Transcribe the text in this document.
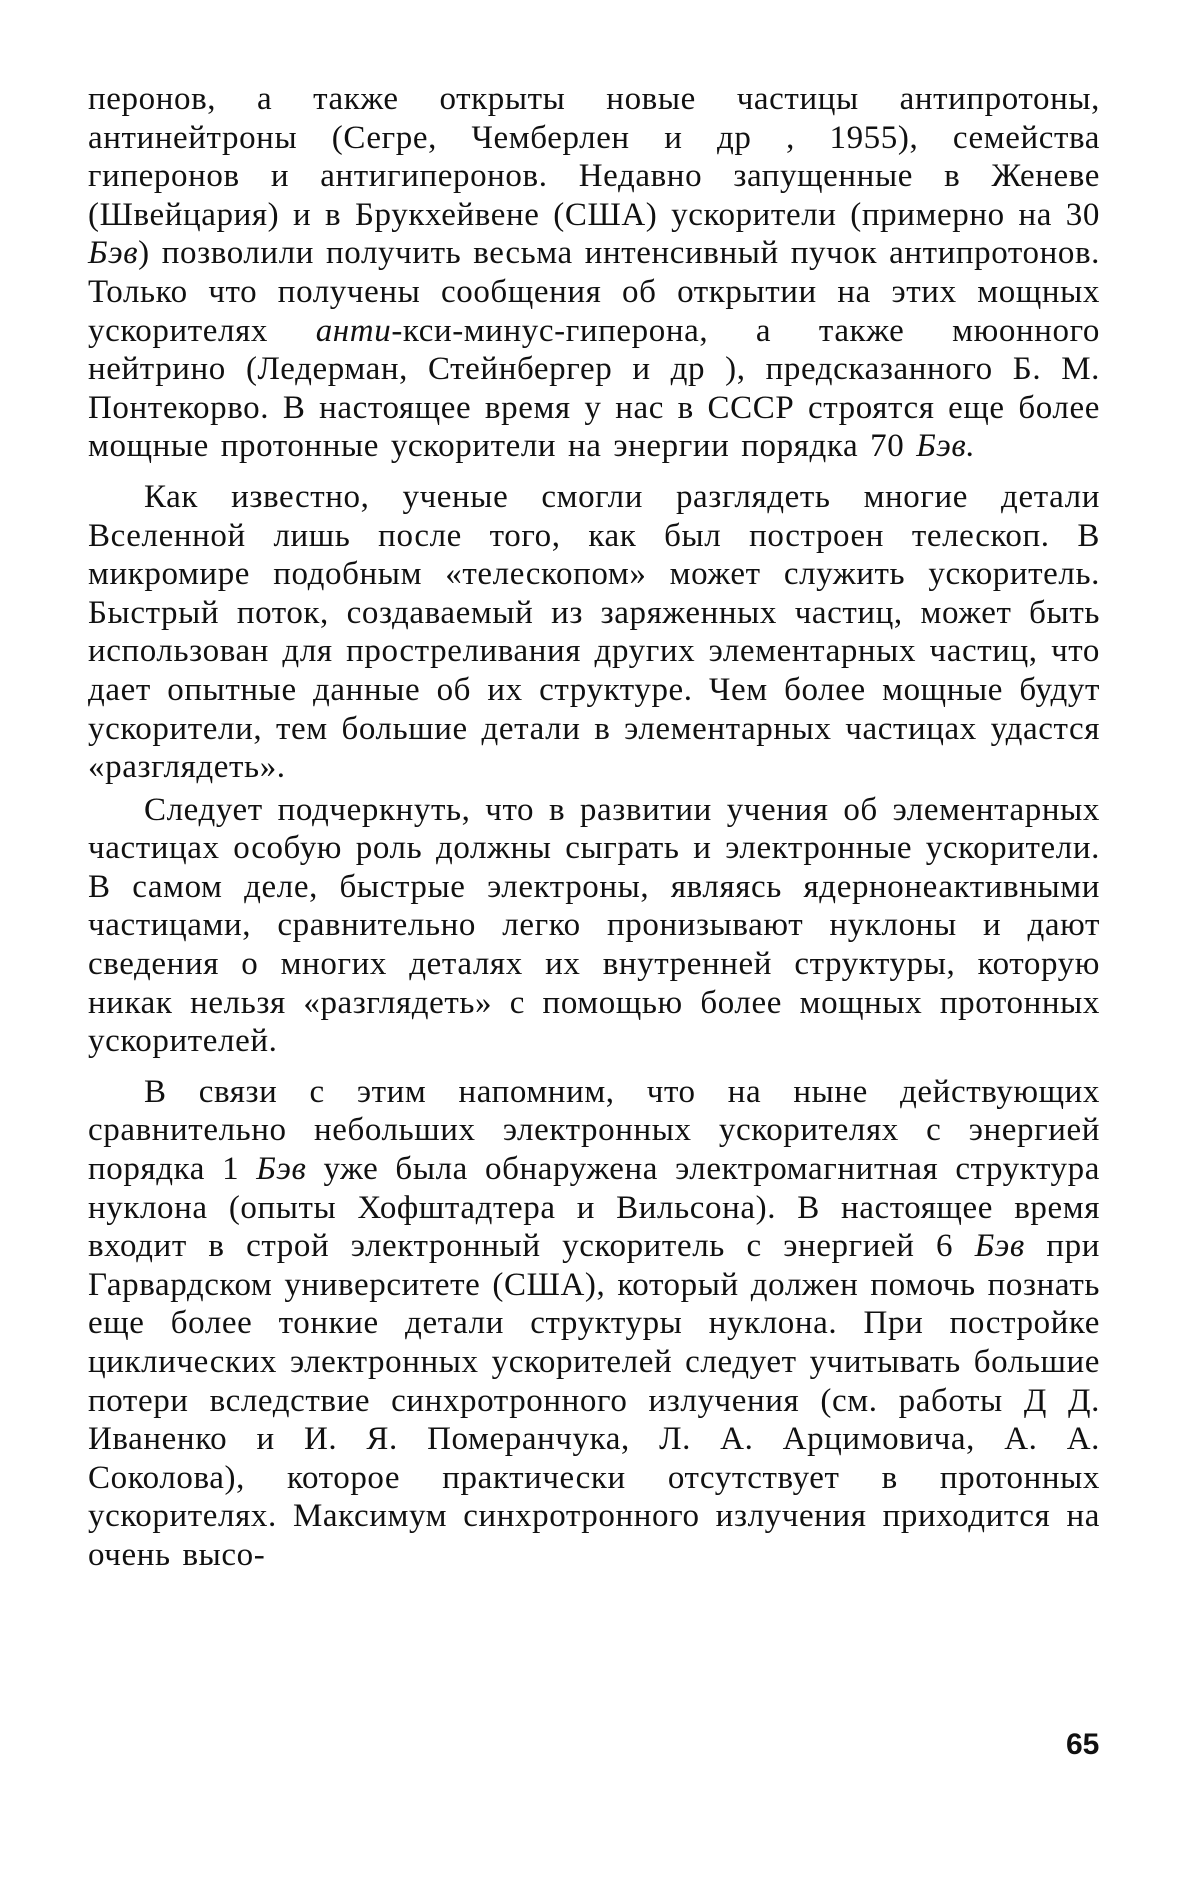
перонов, а также открыты новые частицы антипротоны, антинейтроны (Сегре, Чемберлен и др , 1955), семейства гиперонов и антигиперонов. Недавно запущенные в Женеве (Швейцария) и в Брукхейвене (США) ускорители (примерно на 30 Бэв) позволили получить весьма интенсивный пучок антипротонов. Только что получены сообщения об открытии на этих мощных ускорителях анти-кси-минус-гиперона, а также мюонного нейтрино (Ледерман, Стейнбергер и др ), предсказанного Б. М. Понтекорво. В настоящее время у нас в СССР строятся еще более мощные протонные ускорители на энергии порядка 70 Бэв.

Как известно, ученые смогли разглядеть многие детали Вселенной лишь после того, как был построен телескоп. В микромире подобным «телескопом» может служить ускоритель. Быстрый поток, создаваемый из заряженных частиц, может быть использован для простреливания других элементарных частиц, что дает опытные данные об их структуре. Чем более мощные будут ускорители, тем большие детали в элементарных частицах удастся «разглядеть».

Следует подчеркнуть, что в развитии учения об элементарных частицах особую роль должны сыграть и электронные ускорители. В самом деле, быстрые электроны, являясь ядернонеактивными частицами, сравнительно легко пронизывают нуклоны и дают сведения о многих деталях их внутренней структуры, которую никак нельзя «разглядеть» с помощью более мощных протонных ускорителей.

В связи с этим напомним, что на ныне действующих сравнительно небольших электронных ускорителях с энергией порядка 1 Бэв уже была обнаружена электромагнитная структура нуклона (опыты Хофштадтера и Вильсона). В настоящее время входит в строй электронный ускоритель с энергией 6 Бэв при Гарвардском университете (США), который должен помочь познать еще более тонкие детали структуры нуклона. При постройке циклических электронных ускорителей следует учитывать большие потери вследствие синхротронного излучения (см. работы Д Д. Иваненко и И. Я. Померанчука, Л. А. Арцимовича, А. А. Соколова), которое практически отсутствует в протонных ускорителях. Максимум синхротронного излучения приходится на очень высо-

65
